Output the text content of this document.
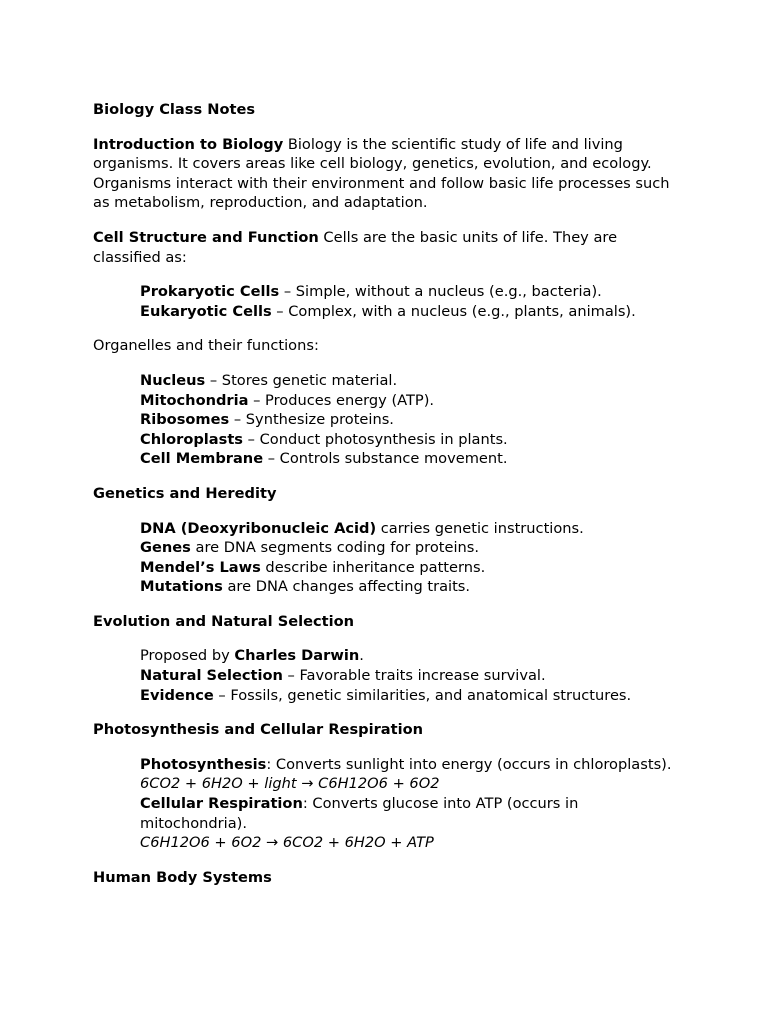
Biology Class Notes

Introduction to Biology Biology is the scientific study of life and living organisms. It covers areas like cell biology, genetics, evolution, and ecology. Organisms interact with their environment and follow basic life processes such as metabolism, reproduction, and adaptation.

Cell Structure and Function Cells are the basic units of life. They are classified as:

Prokaryotic Cells – Simple, without a nucleus (e.g., bacteria).

Eukaryotic Cells – Complex, with a nucleus (e.g., plants, animals).

Organelles and their functions:

Nucleus – Stores genetic material.

Mitochondria – Produces energy (ATP).

Ribosomes – Synthesize proteins.

Chloroplasts – Conduct photosynthesis in plants.

Cell Membrane – Controls substance movement.

Genetics and Heredity

DNA (Deoxyribonucleic Acid) carries genetic instructions.

Genes are DNA segments coding for proteins.

Mendel’s Laws describe inheritance patterns.

Mutations are DNA changes affecting traits.

Evolution and Natural Selection

Proposed by Charles Darwin.

Natural Selection – Favorable traits increase survival.

Evidence – Fossils, genetic similarities, and anatomical structures.

Photosynthesis and Cellular Respiration

Photosynthesis: Converts sunlight into energy (occurs in chloroplasts).

6CO2 + 6H2O + light → C6H12O6 + 6O2

Cellular Respiration: Converts glucose into ATP (occurs in mitochondria).

C6H12O6 + 6O2 → 6CO2 + 6H2O + ATP

Human Body Systems
